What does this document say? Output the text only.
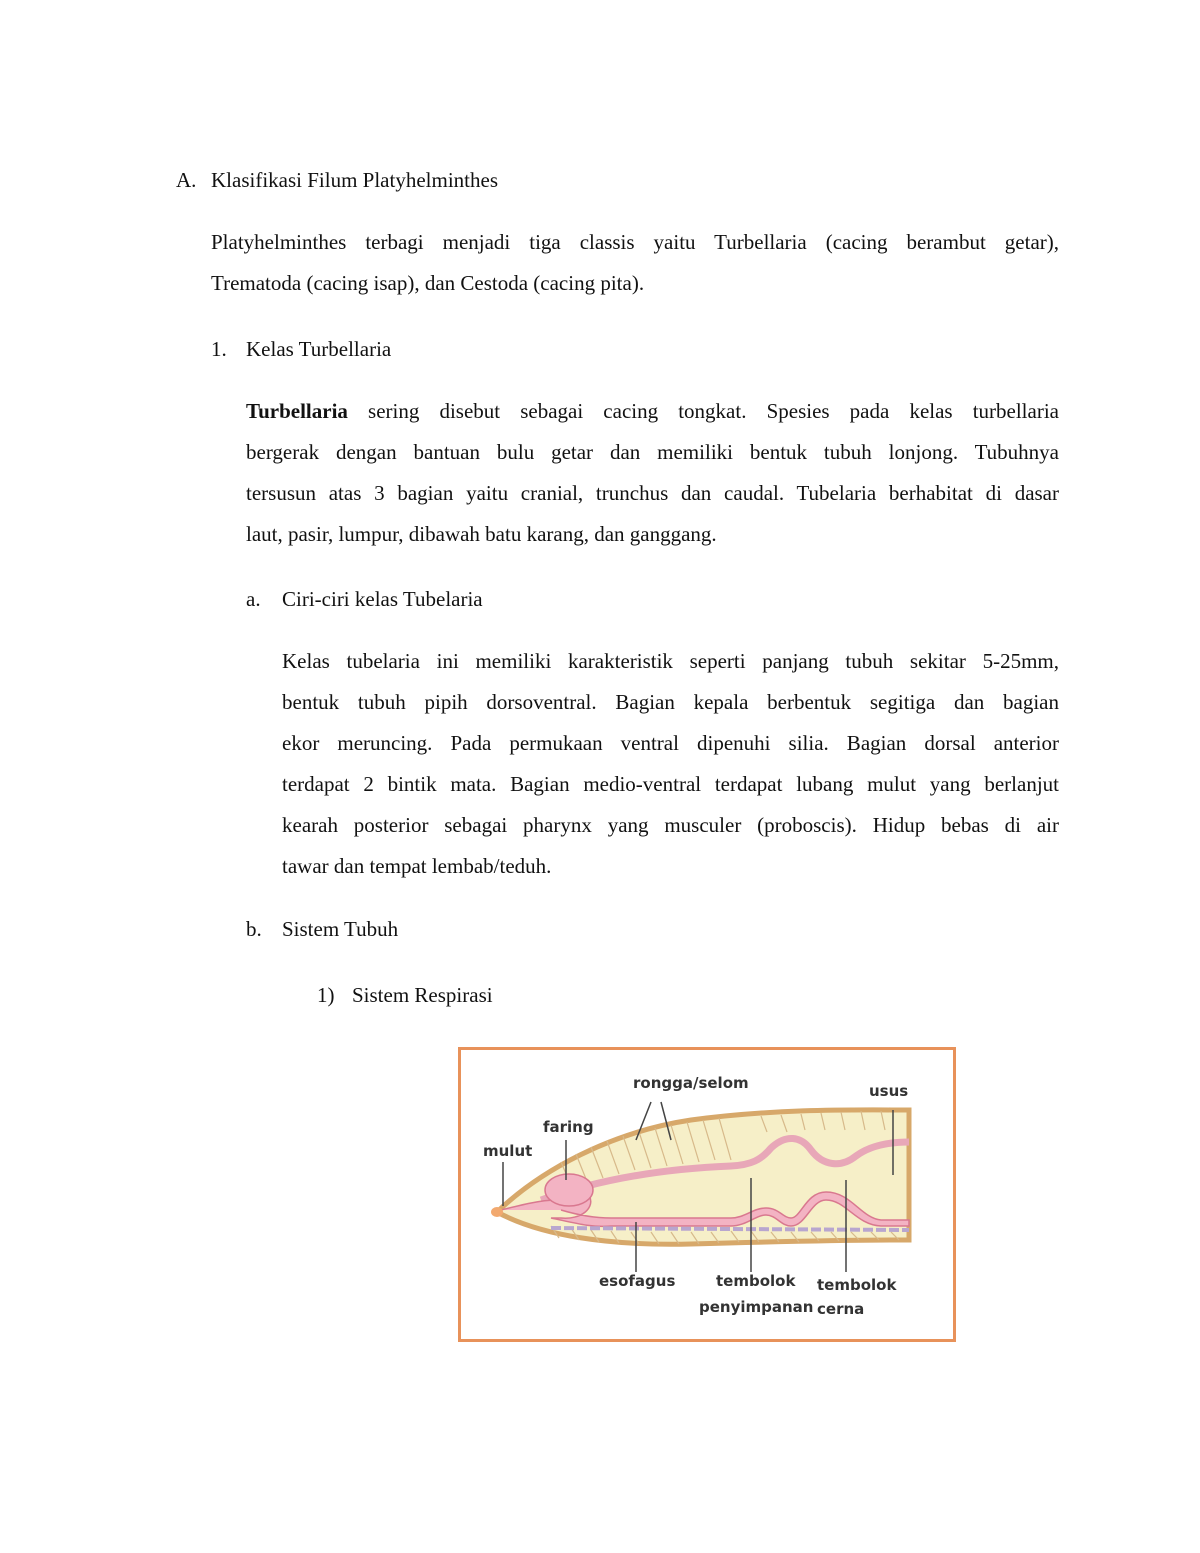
A. Klasifikasi Filum Platyhelminthes
Platyhelminthes terbagi menjadi tiga classis yaitu Turbellaria (cacing berambut getar),
Trematoda (cacing isap), dan Cestoda (cacing pita).
1. Kelas Turbellaria
Turbellaria sering disebut sebagai cacing tongkat. Spesies pada kelas turbellaria
bergerak dengan bantuan bulu getar dan memiliki bentuk tubuh lonjong. Tubuhnya
tersusun atas 3 bagian yaitu cranial, trunchus dan caudal. Tubelaria berhabitat di dasar
laut, pasir, lumpur, dibawah batu karang, dan ganggang.
a. Ciri-ciri kelas Tubelaria
Kelas tubelaria ini memiliki karakteristik seperti panjang tubuh sekitar 5-25mm,
bentuk tubuh pipih dorsoventral. Bagian kepala berbentuk segitiga dan bagian
ekor meruncing. Pada permukaan ventral dipenuhi silia. Bagian dorsal anterior
terdapat 2 bintik mata. Bagian medio-ventral terdapat lubang mulut yang berlanjut
kearah posterior sebagai pharynx yang musculer (proboscis). Hidup bebas di air
tawar dan tempat lembab/teduh.
b. Sistem Tubuh
1) Sistem Respirasi
rongga/selom	usus
faring
mulut
esofagus	tembolok
penyimpanan
tembolok
cerna
